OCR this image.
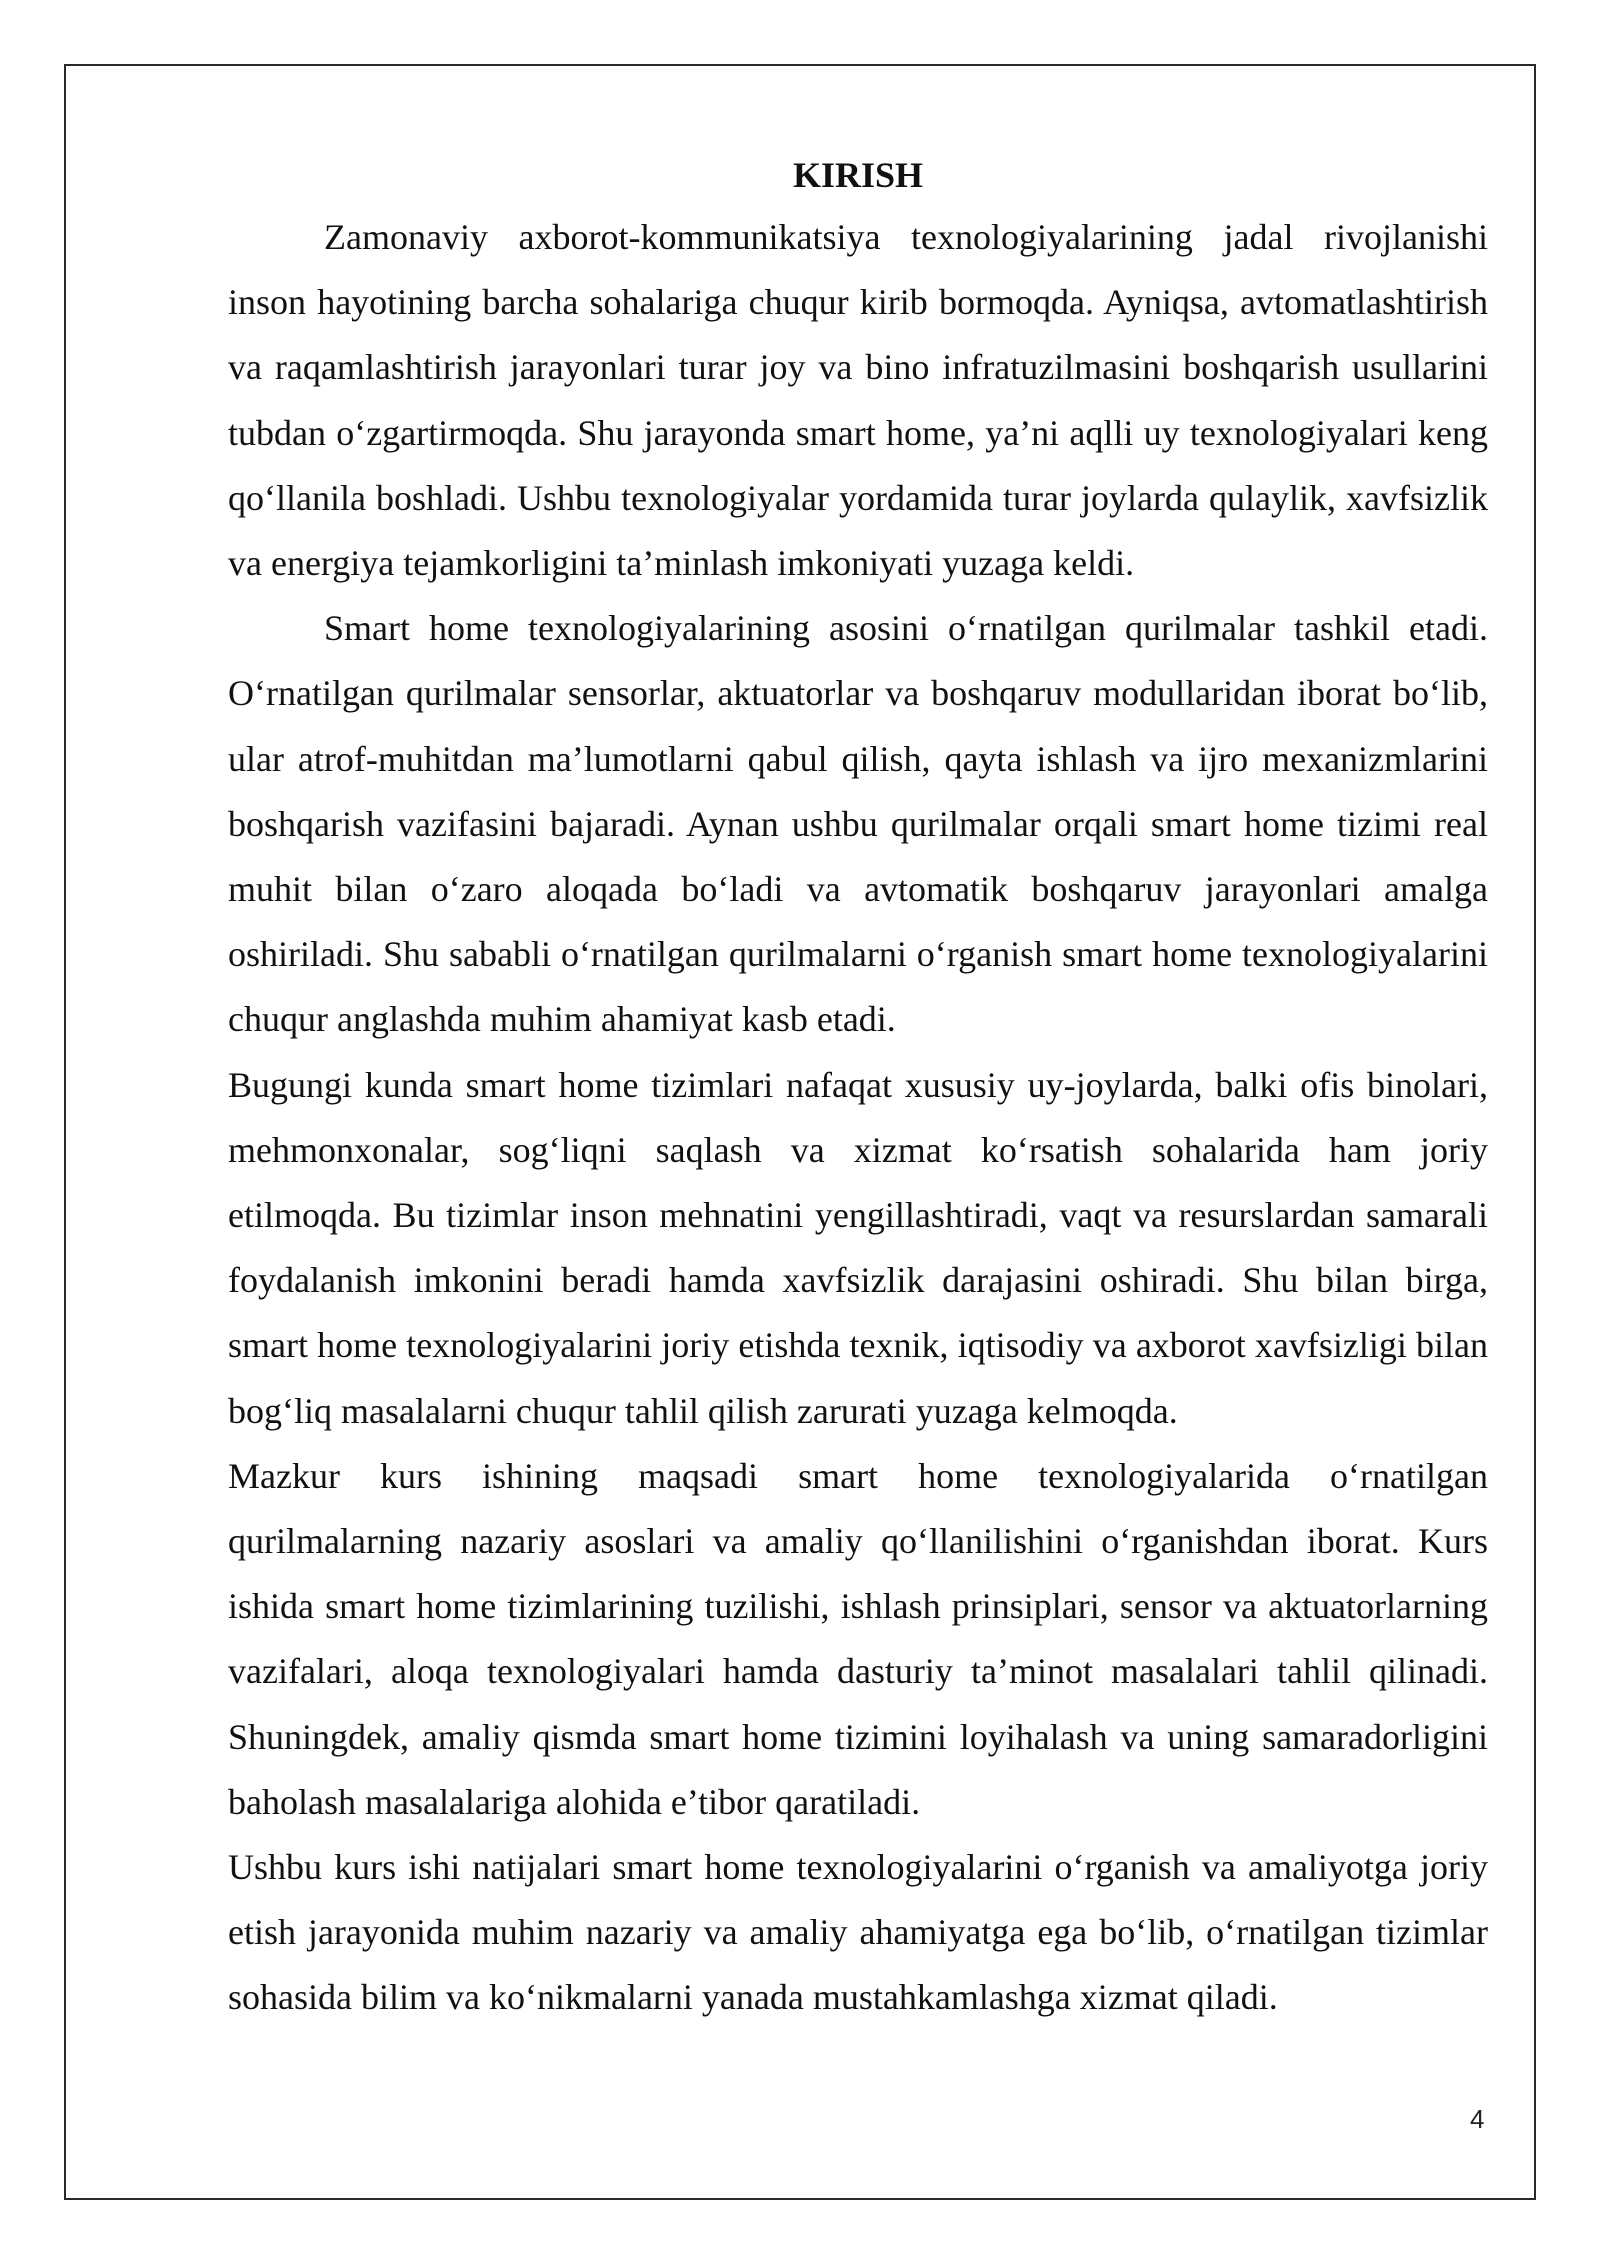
KIRISH

Zamonaviy axborot-kommunikatsiya texnologiyalarining jadal rivojlanishi inson hayotining barcha sohalariga chuqur kirib bormoqda. Ayniqsa, avtomatlashtirish va raqamlashtirish jarayonlari turar joy va bino infratuzilmasini boshqarish usullarini tubdan o‘zgartirmoqda. Shu jarayonda smart home, ya’ni aqlli uy texnologiyalari keng qo‘llanila boshladi. Ushbu texnologiyalar yordamida turar joylarda qulaylik, xavfsizlik va energiya tejamkorligini ta’minlash imkoniyati yuzaga keldi.

Smart home texnologiyalarining asosini o‘rnatilgan qurilmalar tashkil etadi. O‘rnatilgan qurilmalar sensorlar, aktuatorlar va boshqaruv modullaridan iborat bo‘lib, ular atrof-muhitdan ma’lumotlarni qabul qilish, qayta ishlash va ijro mexanizmlarini boshqarish vazifasini bajaradi. Aynan ushbu qurilmalar orqali smart home tizimi real muhit bilan o‘zaro aloqada bo‘ladi va avtomatik boshqaruv jarayonlari amalga oshiriladi. Shu sababli o‘rnatilgan qurilmalarni o‘rganish smart home texnologiyalarini chuqur anglashda muhim ahamiyat kasb etadi.

Bugungi kunda smart home tizimlari nafaqat xususiy uy-joylarda, balki ofis binolari, mehmonxonalar, sog‘liqni saqlash va xizmat ko‘rsatish sohalarida ham joriy etilmoqda. Bu tizimlar inson mehnatini yengillashtiradi, vaqt va resurslardan samarali foydalanish imkonini beradi hamda xavfsizlik darajasini oshiradi. Shu bilan birga, smart home texnologiyalarini joriy etishda texnik, iqtisodiy va axborot xavfsizligi bilan bog‘liq masalalarni chuqur tahlil qilish zarurati yuzaga kelmoqda.

Mazkur kurs ishining maqsadi smart home texnologiyalarida o‘rnatilgan qurilmalarning nazariy asoslari va amaliy qo‘llanilishini o‘rganishdan iborat. Kurs ishida smart home tizimlarining tuzilishi, ishlash prinsiplari, sensor va aktuatorlarning vazifalari, aloqa texnologiyalari hamda dasturiy ta’minot masalalari tahlil qilinadi. Shuningdek, amaliy qismda smart home tizimini loyihalash va uning samaradorligini baholash masalalariga alohida e’tibor qaratiladi.

Ushbu kurs ishi natijalari smart home texnologiyalarini o‘rganish va amaliyotga joriy etish jarayonida muhim nazariy va amaliy ahamiyatga ega bo‘lib, o‘rnatilgan tizimlar sohasida bilim va ko‘nikmalarni yanada mustahkamlashga xizmat qiladi.

4
